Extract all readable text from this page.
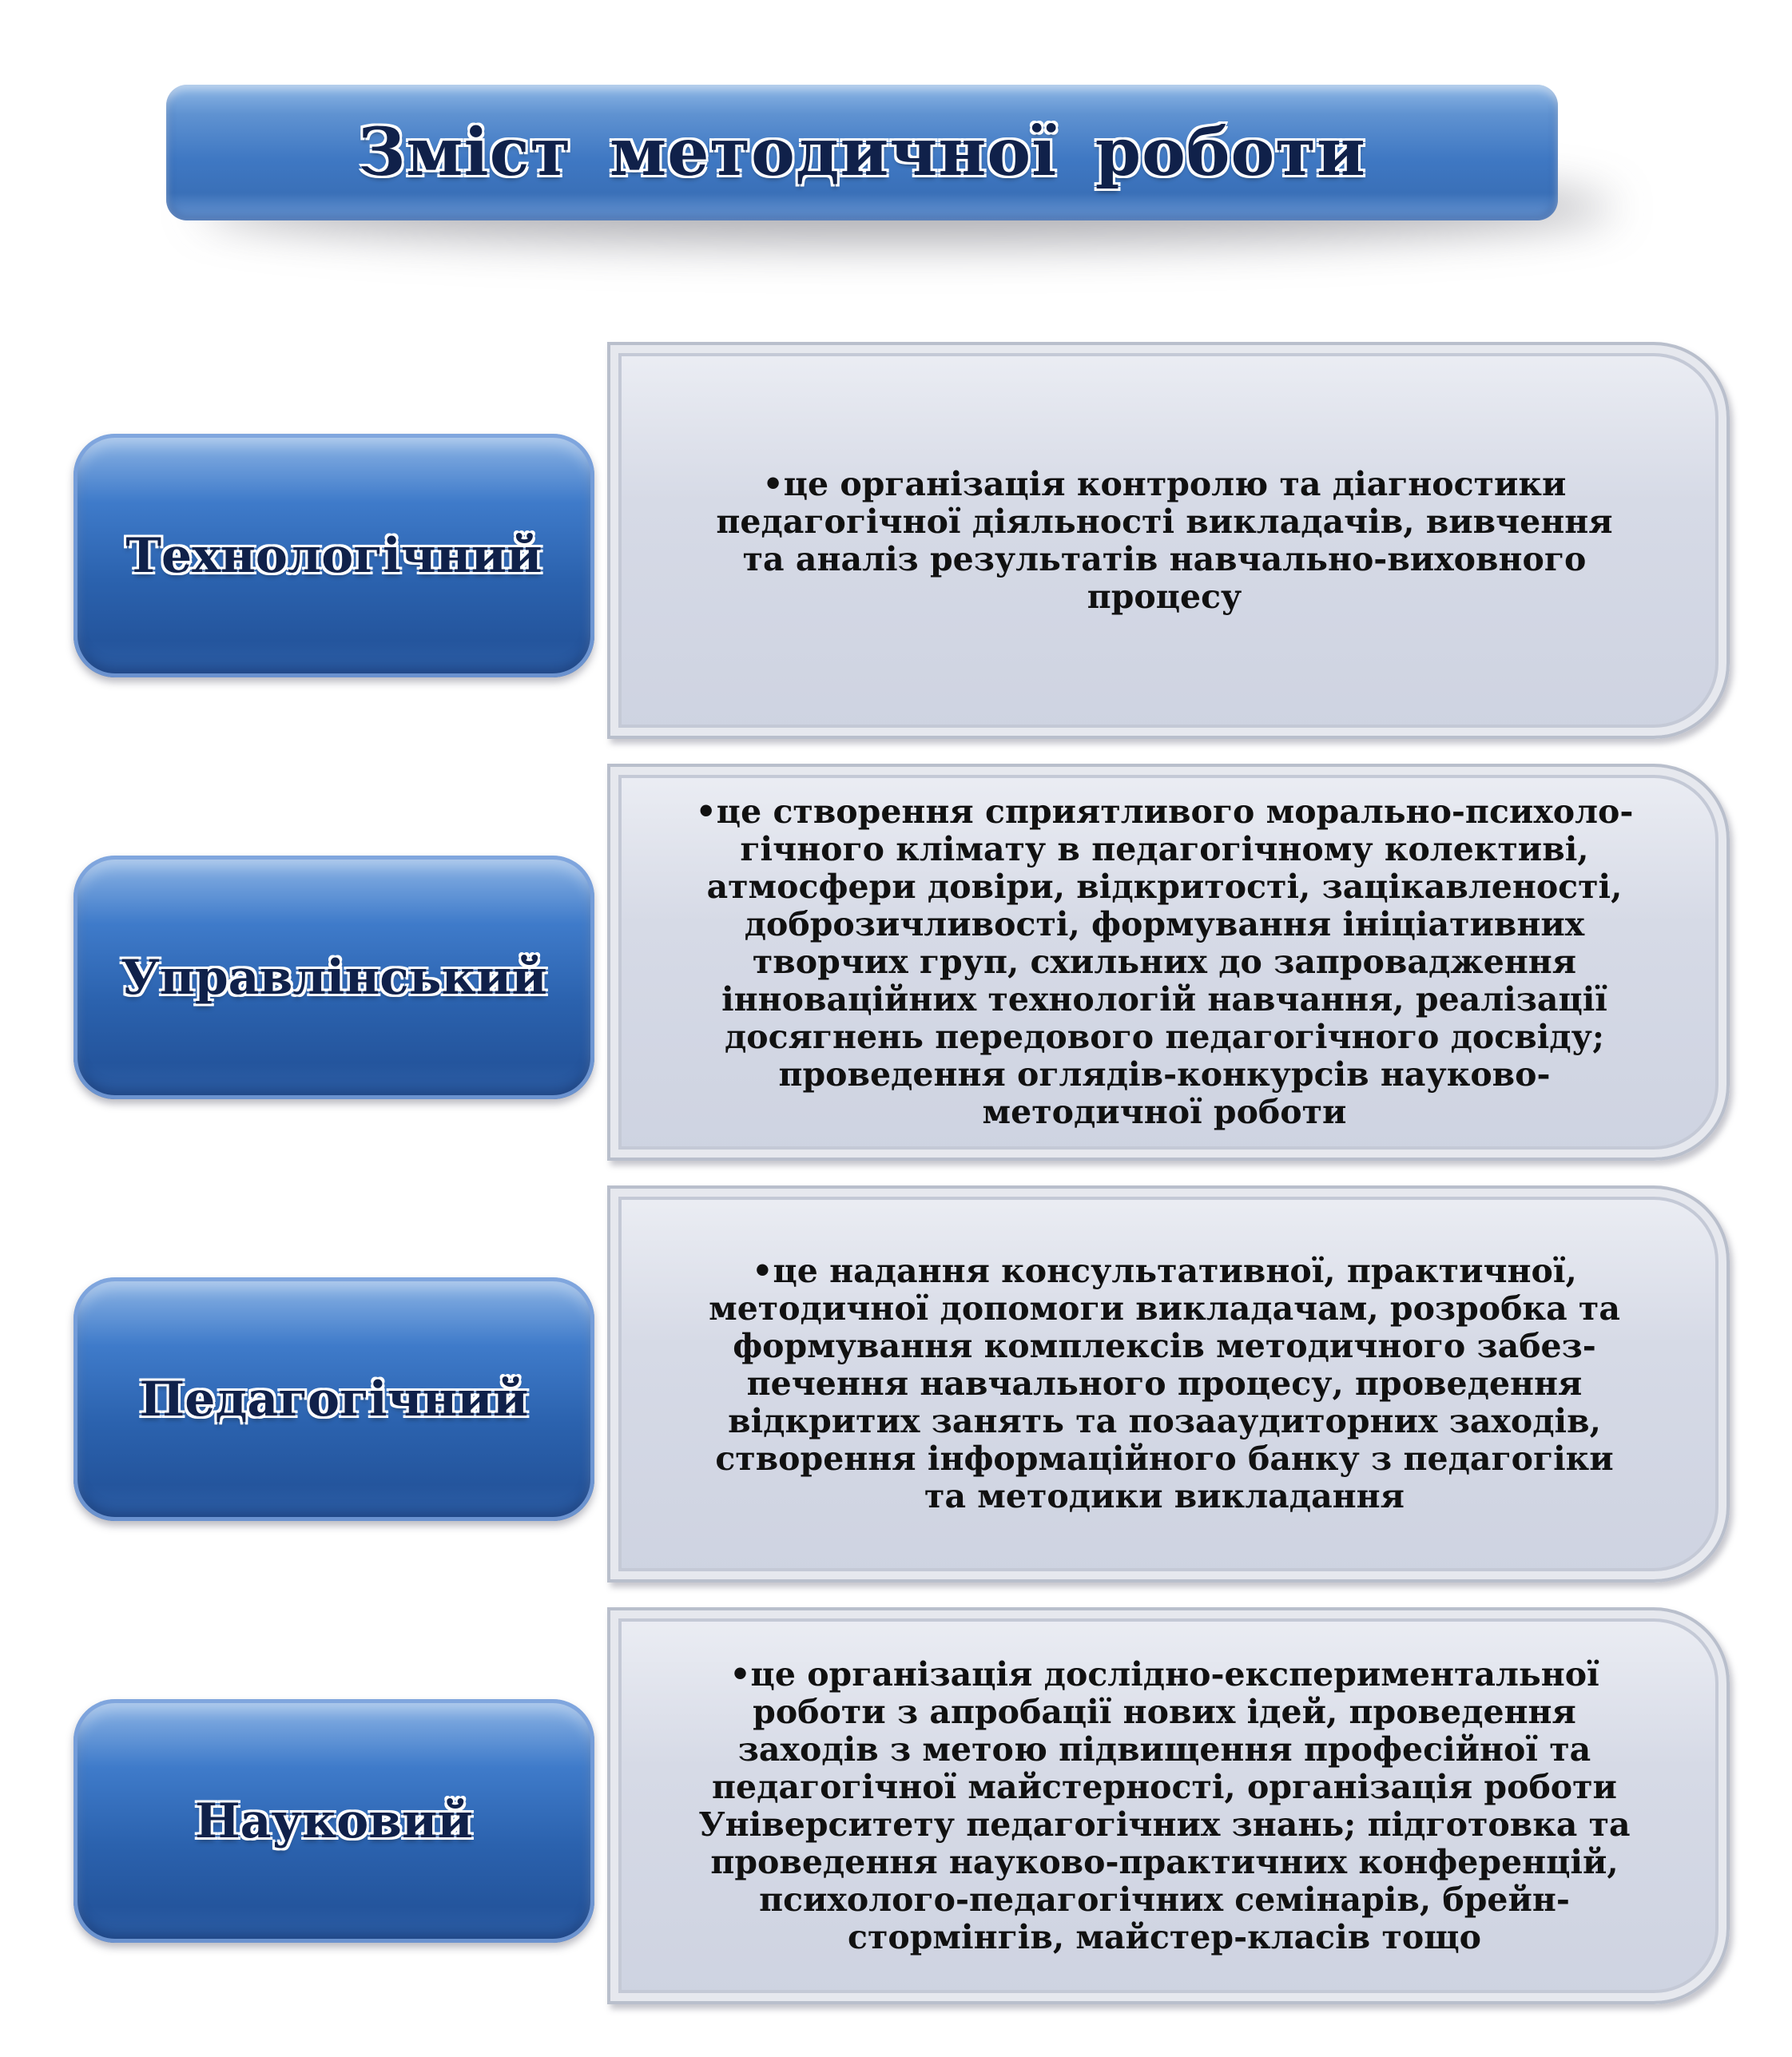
Зміст методичної роботи
Технологічний
•це організація контролю та діагностики
педагогічної діяльності викладачів, вивчення
та аналіз результатів навчально-виховного
процесу
Управлінський
•це створення сприятливого морально-психоло-
гічного клімату в педагогічному колективі,
атмосфери довіри, відкритості, зацікавленості,
доброзичливості, формування ініціативних
творчих груп, схильних до запровадження
інноваційних технологій навчання, реалізації
досягнень передового педагогічного досвіду;
проведення оглядів-конкурсів науково-
методичної роботи
Педагогічний
•це надання консультативної, практичної,
методичної допомоги викладачам, розробка та
формування комплексів методичного забез-
печення навчального процесу, проведення
відкритих занять та позааудиторних заходів,
створення інформаційного банку з педагогіки
та методики викладання
Науковий
•це організація дослідно-експериментальної
роботи з апробації нових ідей, проведення
заходів з метою підвищення професійної та
педагогічної майстерності, організація роботи
Університету педагогічних знань; підготовка та
проведення науково-практичних конференцій,
психолого-педагогічних семінарів, брейн-
стормінгів, майстер-класів тощо
